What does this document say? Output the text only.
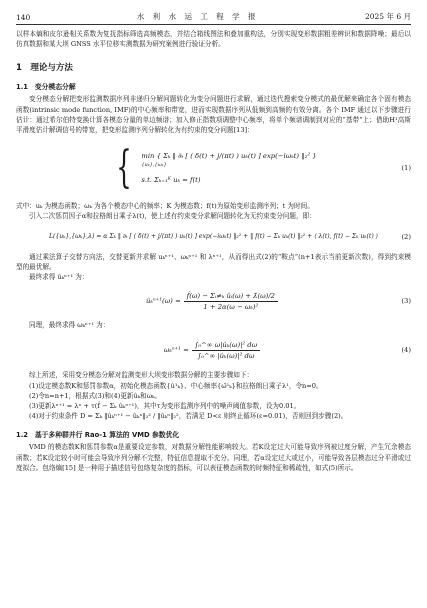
140	水 利 水 运 工 程 学 报	2025 年 6 月

以样本熵和皮尔逊相关系数为复抚指标筛选高频模态，并结合箱线图法和叠加重构法，分别实现变形数据粗差辨识和数据降噪；最后以仿真数据和某大坝 GNSS 水平位移实测数据为研究案例进行验证分析。

1　理论与方法
1.1　变分模态分解

变分模态分解把变形监测数据序列非递归分解问题转化为变分问题进行求解，通过迭代搜索变分模式的最优解来确定各个固有模态函数(intrinsic mode function, IMF)的中心频率和带宽，进而实现数据序列从低频到高频的有效分离。各个 IMF 通过以下步骤进行估计：通过希尔伯特变换计算各模态分量的单边频谱；加入修正指数项调整中心频率，将单个频谱调制到对应的“基带”上；借助H¹高斯平滑度估计解调信号的带宽，把变形监测序列分解转化为有约束的变分问题[13]：

{ min { Σₖ ‖ ∂ₜ [ ( δ(t) + j/(πt) ) uₖ(t) ] exp(−iωₖt) ‖₂² }
{uₖ},{ωₖ}
s.t. Σₖ₌₁ᴷ uₖ = f(t)
(1)

式中：uₖ 为模态函数；ωₖ 为各个模态中心的频率；K 为模态数；f(t)为原始变形监测序列；t 为时间。

引入二次惩罚因子α和拉格朗日乘子λ(t)，使上述有约束变分求解问题转化为无约束变分问题，即：

L({uₖ},{ωₖ},λ) = α Σₖ ‖ ∂ₜ [ ( δ(t) + j/(πt) ) uₖ(t) ] exp(−iωₖt) ‖₂² + ‖ f(t) − Σₖ uₖ(t) ‖₂² + ⟨ λ(t), f(t) − Σₖ uₖ(t) ⟩	(2)

通过乘法算子交替方向法，交替更新并求解 uₖⁿ⁺¹、ωₖⁿ⁺¹ 和 λⁿ⁺¹，从而得出式(2)的“鞍点”(n+1表示当前更新次数)，得到约束模型的最优解。

最终求得 ûₖⁿ⁺¹ 为：

ûₖⁿ⁺¹(ω) = $\frac{\text{f̂(ω) − Σᵢ≠ₖ ûᵢ(ω) + λ̂(ω)/2}}{\text{1 + 2α(ω − ωₖ)²}}$	(3)

同理，最终求得 ωₖⁿ⁺¹ 为：

$\omega_k^{n+1} = \frac{\text{∫₀\textasciicircum{}∞ ω|ûₖ(ω)|² dω}}{\text{∫₀\textasciicircum{}∞ |ûₖ(ω)|² dω}}$	(4)

综上所述，采用变分模态分解对监测变形大坝变形数据分解的主要步骤如下：

(1)设定模态数K和惩罚参数α，初始化模态函数{û¹ₖ}、中心频率{ω̂¹ₖ}和拉格朗日乘子λ¹，令n=0。

(2)令n=n+1，根据式(3)和(4)更新ûₖ和ωₖ。

(3)更新λⁿ⁺¹ = λⁿ + τ(f̂ − Σₖ ûₖⁿ⁺¹)，其中τ为变形监测序列中的噪声阈值参数，设为0.01。

(4)对于约束条件 D = Σₖ ‖ûₖⁿ⁺¹ − ûₖⁿ‖₂² / ‖ûₖⁿ‖₂²，若满足 D<ε 则终止循环(ε=0.01)，否则回到步骤(2)。

1.2　基于多种群并行 Rao-1 算法的 VMD 参数优化

VMD 的模态数K和惩罚参数α是重要设定参数，对数据分解性能影响较大。若K设定过大可能导致序列被过度分解，产生冗余模态函数；若K设定较小时可能会导致序列分解不完整，特征信息提取不充分。同理，若α设定过大或过小，可能导致各层模态过分平滑或过度拟合。包络熵[15] 是一种用于描述信号包络复杂度的指标，可以表征模态函数的时频特征和稀疏性，如式(5)所示。
